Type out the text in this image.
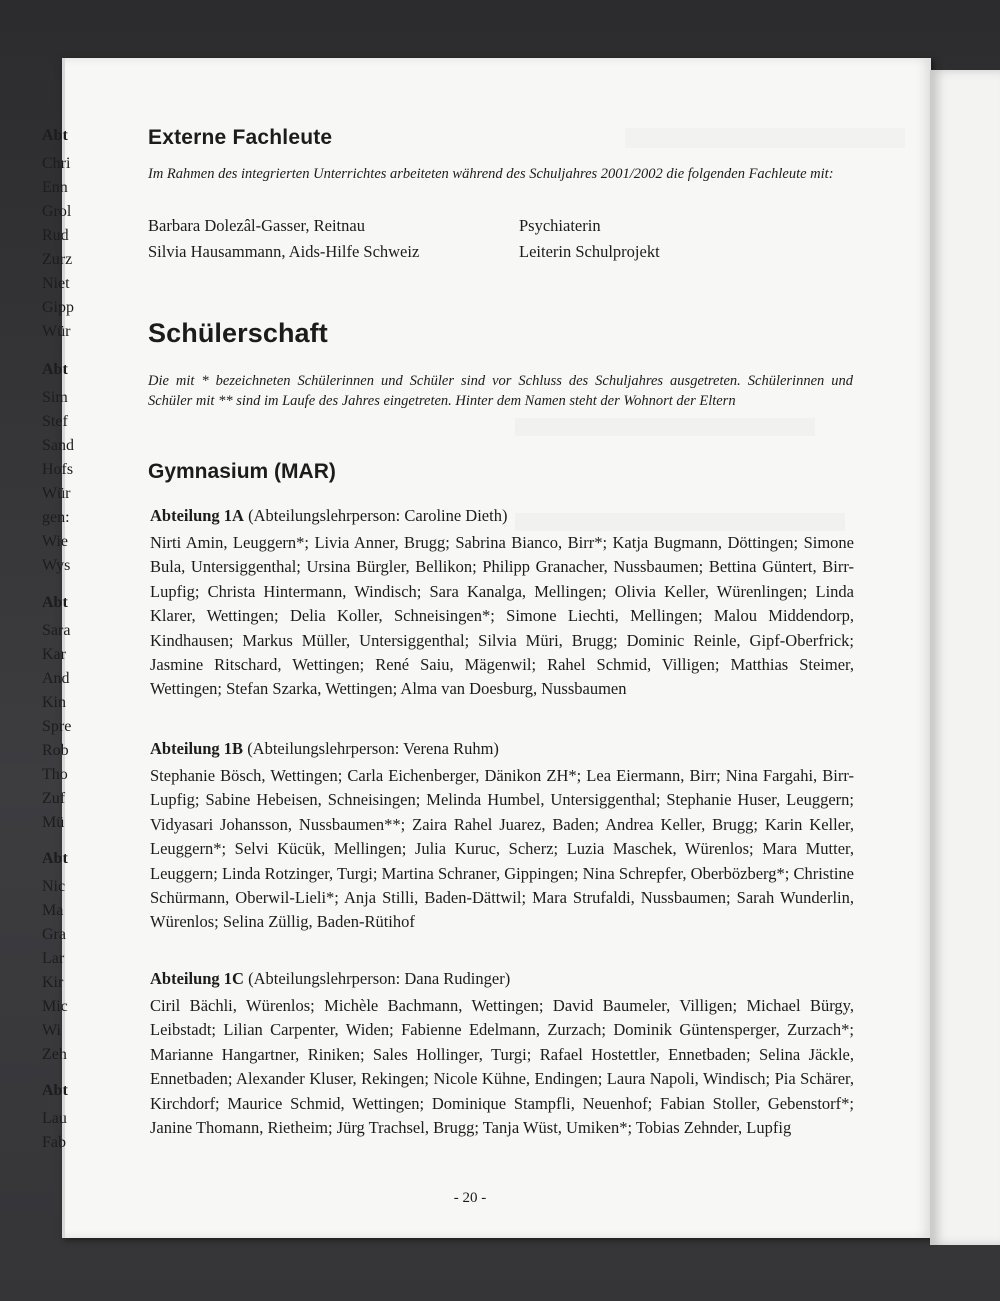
Externe Fachleute

Im Rahmen des integrierten Unterrichtes arbeiteten während des Schuljahres 2001/2002 die folgenden Fachleute mit:

Barbara Dolezâl-Gasser, Reitnau	Psychiaterin
Silvia Hausammann, Aids-Hilfe Schweiz	Leiterin Schulprojekt
Schülerschaft

Die mit * bezeichneten Schülerinnen und Schüler sind vor Schluss des Schuljahres ausgetreten. Schülerinnen und Schüler mit ** sind im Laufe des Jahres eingetreten. Hinter dem Namen steht der Wohnort der Eltern

Gymnasium (MAR)

Abteilung 1A (Abteilungslehrperson: Caroline Dieth)

Nirti Amin, Leuggern*; Livia Anner, Brugg; Sabrina Bianco, Birr*; Katja Bugmann, Döttingen; Simone Bula, Untersiggenthal; Ursina Bürgler, Bellikon; Philipp Granacher, Nussbaumen; Bettina Güntert, Birr-Lupfig; Christa Hintermann, Windisch; Sara Kanalga, Mellingen; Olivia Keller, Würenlingen; Linda Klarer, Wettingen; Delia Koller, Schneisingen*; Simone Liechti, Mellingen; Malou Middendorp, Kindhausen; Markus Müller, Untersiggenthal; Silvia Müri, Brugg; Dominic Reinle, Gipf-Oberfrick; Jasmine Ritschard, Wettingen; René Saiu, Mägenwil; Rahel Schmid, Villigen; Matthias Steimer, Wettingen; Stefan Szarka, Wettingen; Alma van Doesburg, Nussbaumen

Abteilung 1B (Abteilungslehrperson: Verena Ruhm)

Stephanie Bösch, Wettingen; Carla Eichenberger, Dänikon ZH*; Lea Eiermann, Birr; Nina Fargahi, Birr-Lupfig; Sabine Hebeisen, Schneisingen; Melinda Humbel, Untersiggenthal; Stephanie Huser, Leuggern; Vidyasari Johansson, Nussbaumen**; Zaira Rahel Juarez, Baden; Andrea Keller, Brugg; Karin Keller, Leuggern*; Selvi Kücük, Mellingen; Julia Kuruc, Scherz; Luzia Maschek, Würenlos; Mara Mutter, Leuggern; Linda Rotzinger, Turgi; Martina Schraner, Gippingen; Nina Schrepfer, Oberbözberg*; Christine Schürmann, Oberwil-Lieli*; Anja Stilli, Baden-Dättwil; Mara Strufaldi, Nussbaumen; Sarah Wunderlin, Würenlos; Selina Züllig, Baden-Rütihof

Abteilung 1C (Abteilungslehrperson: Dana Rudinger)

Ciril Bächli, Würenlos; Michèle Bachmann, Wettingen; David Baumeler, Villigen; Michael Bürgy, Leibstadt; Lilian Carpenter, Widen; Fabienne Edelmann, Zurzach; Dominik Güntensperger, Zurzach*; Marianne Hangartner, Riniken; Sales Hollinger, Turgi; Rafael Hostettler, Ennetbaden; Selina Jäckle, Ennetbaden; Alexander Kluser, Rekingen; Nicole Kühne, Endingen; Laura Napoli, Windisch; Pia Schärer, Kirchdorf; Maurice Schmid, Wettingen; Dominique Stampfli, Neuenhof; Fabian Stoller, Gebenstorf*; Janine Thomann, Rietheim; Jürg Trachsel, Brugg; Tanja Wüst, Umiken*; Tobias Zehnder, Lupfig

- 20 -
Abt
Chri
Enn
Grol
Rud
Zurz
Niet
Gipp
Wür
Abt
Sim
Stef
Sand
Hofs
Wür
gen:
Wie
Wys
Abt
Sara
Kar
And
Kin
Spre
Rob
Tho
Zuf
Mü
Abt
Nic
Ma
Gra
Lar
Kir
Mic
Wi
Zeh
Abt
Lau
Fab
